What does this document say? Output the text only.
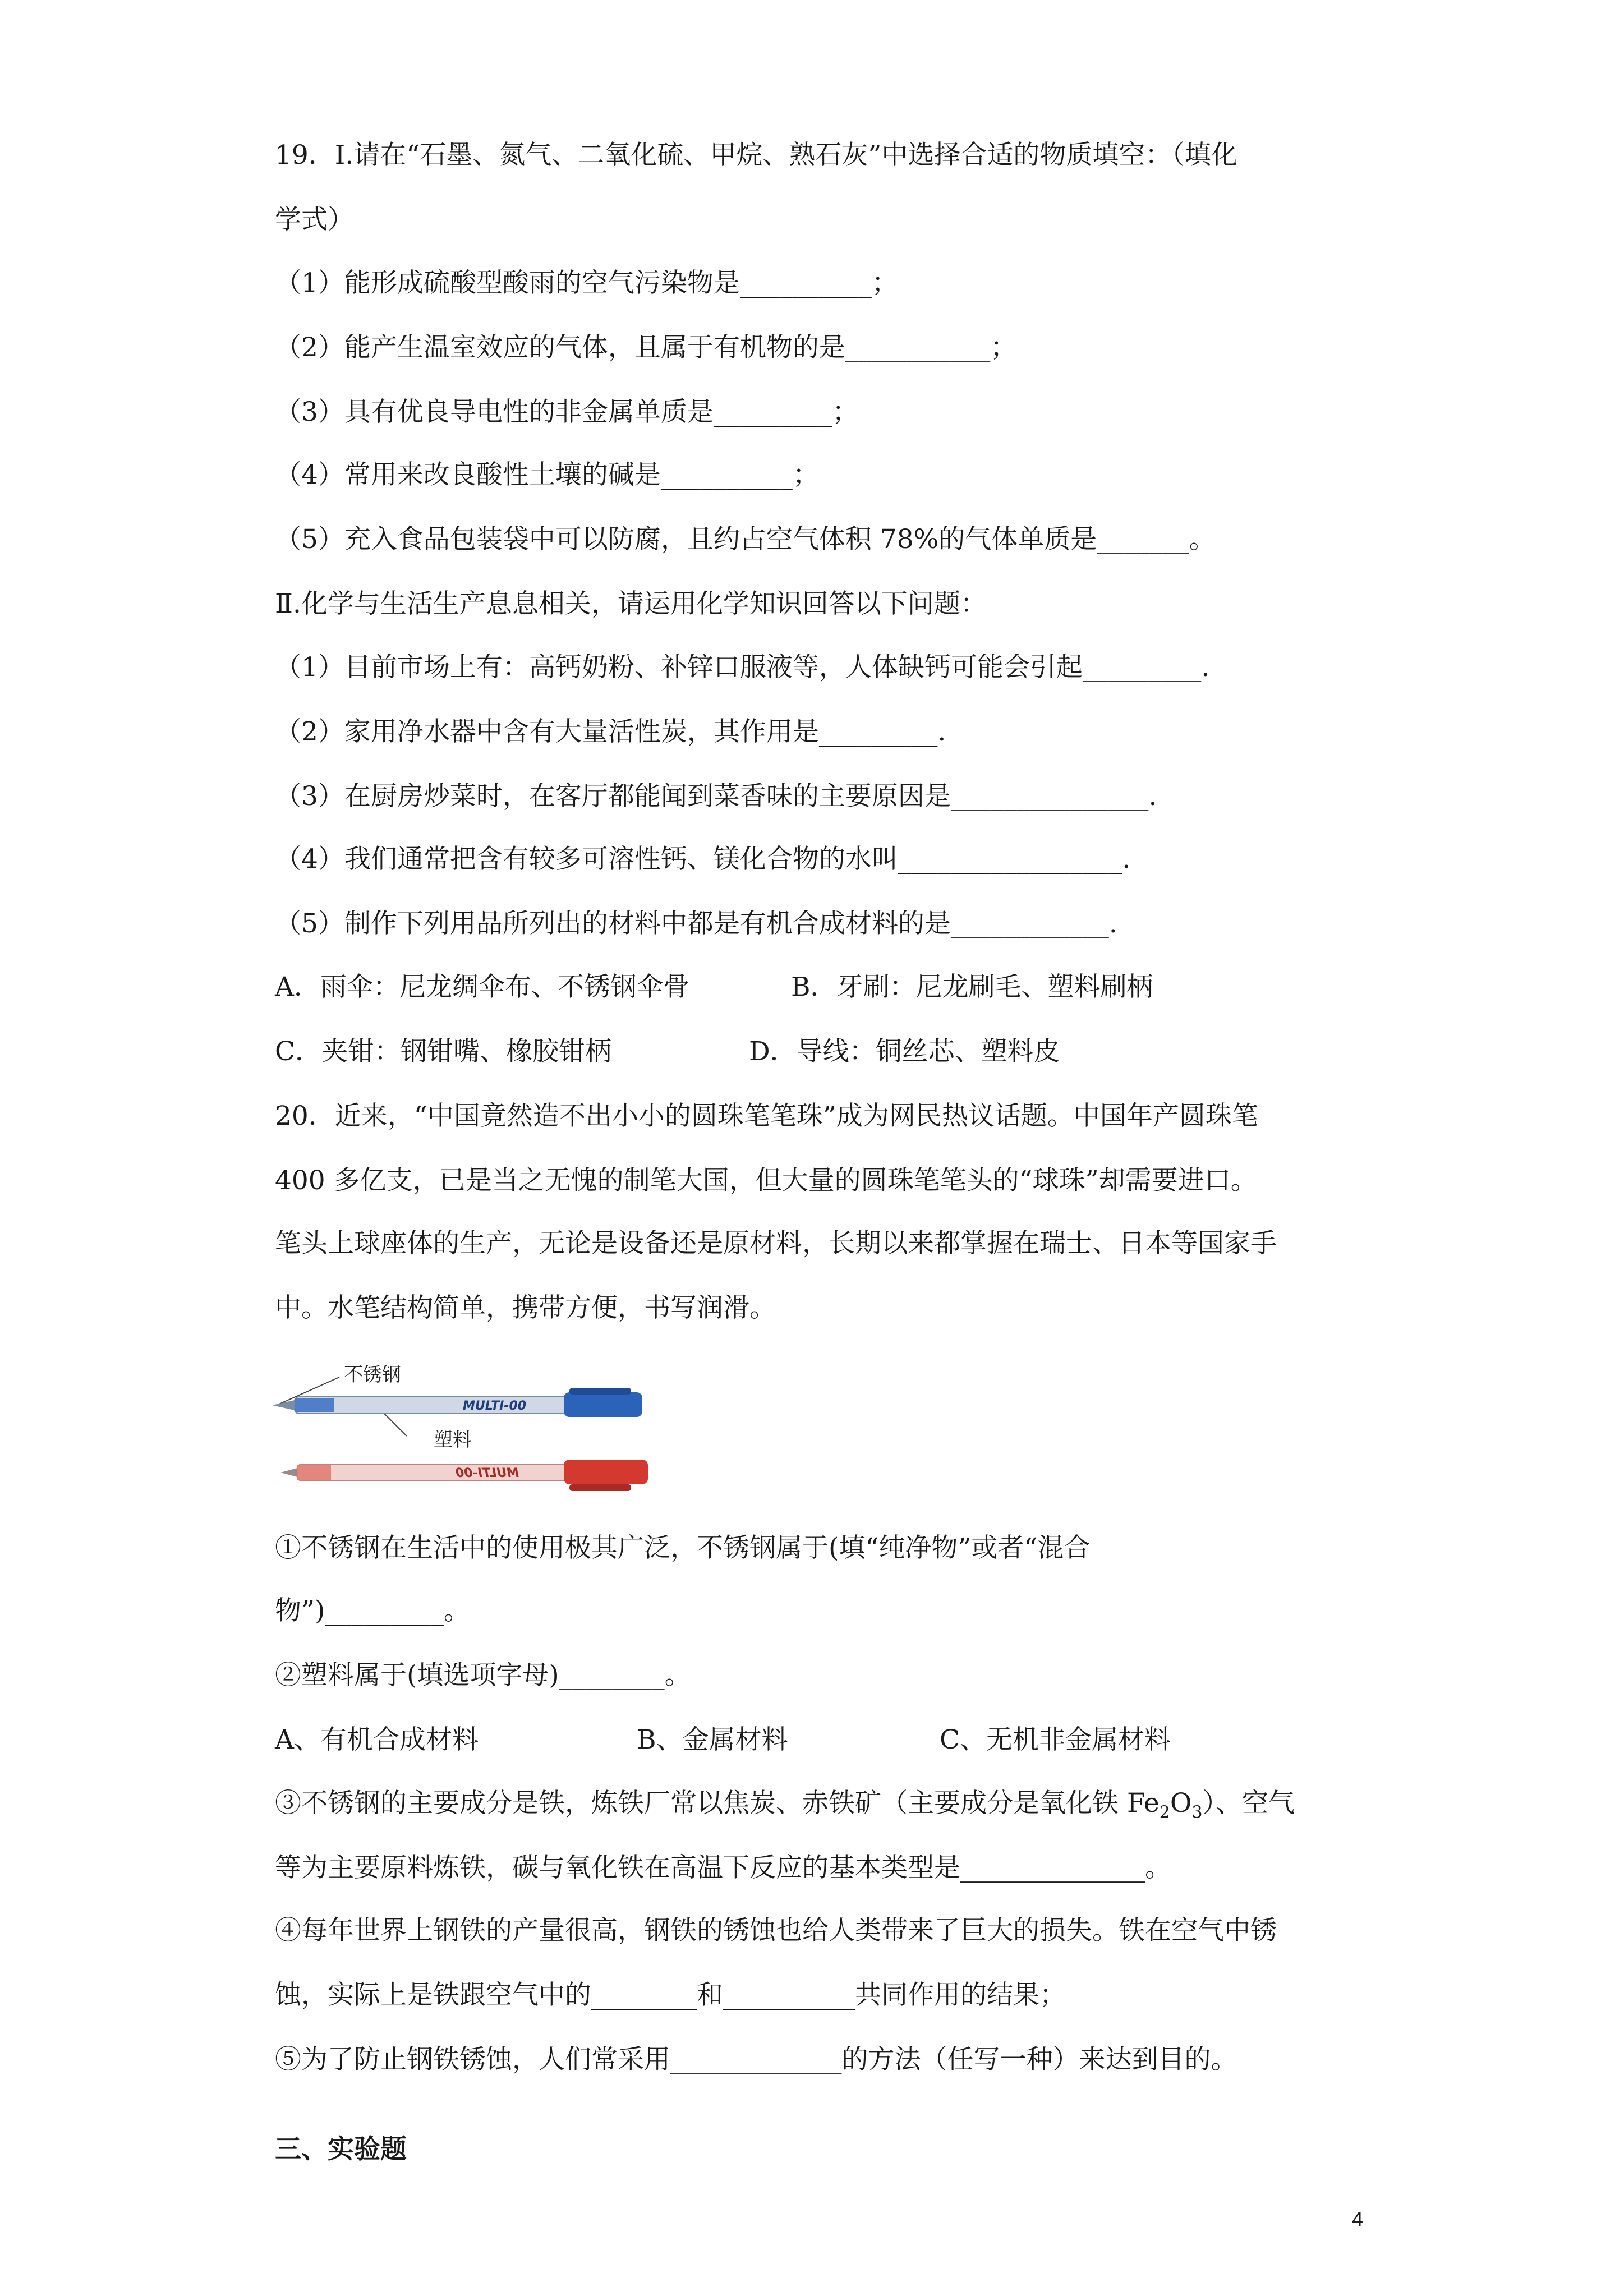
19．Ⅰ.请在“石墨、氮气、二氧化硫、甲烷、熟石灰”中选择合适的物质填空：（填化
学式）
（1）能形成硫酸型酸雨的空气污染物是__________；
（2）能产生温室效应的气体，且属于有机物的是___________；
（3）具有优良导电性的非金属单质是_________；
（4）常用来改良酸性土壤的碱是__________；
（5）充入食品包装袋中可以防腐，且约占空气体积 78%的气体单质是_______。
Ⅱ.化学与生活生产息息相关，请运用化学知识回答以下问题：
（1）目前市场上有：高钙奶粉、补锌口服液等，人体缺钙可能会引起_________.
（2）家用净水器中含有大量活性炭，其作用是_________.
（3）在厨房炒菜时，在客厅都能闻到菜香味的主要原因是_______________.
（4）我们通常把含有较多可溶性钙、镁化合物的水叫_________________.
（5）制作下列用品所列出的材料中都是有机合成材料的是____________.
A．雨伞：尼龙绸伞布、不锈钢伞骨	B．牙刷：尼龙刷毛、塑料刷柄
C．夹钳：钢钳嘴、橡胶钳柄	D．导线：铜丝芯、塑料皮
20．近来，“中国竟然造不出小小的圆珠笔笔珠”成为网民热议话题。中国年产圆珠笔
400 多亿支，已是当之无愧的制笔大国，但大量的圆珠笔笔头的“球珠”却需要进口。
笔头上球座体的生产，无论是设备还是原材料，长期以来都掌握在瑞士、日本等国家手
中。水笔结构简单，携带方便，书写润滑。
不锈钢
塑料
MULTI-00
MULTI-00
①不锈钢在生活中的使用极其广泛，不锈钢属于(填“纯净物”或者“混合
物”)_________。
②塑料属于(填选项字母)________。
A、有机合成材料	B、金属材料	C、无机非金属材料
③不锈钢的主要成分是铁，炼铁厂常以焦炭、赤铁矿（主要成分是氧化铁 $Fe_2O_3$）、空气
等为主要原料炼铁，碳与氧化铁在高温下反应的基本类型是______________。
④每年世界上钢铁的产量很高，钢铁的锈蚀也给人类带来了巨大的损失。铁在空气中锈
蚀，实际上是铁跟空气中的________和__________共同作用的结果；
⑤为了防止钢铁锈蚀，人们常采用_____________的方法（任写一种）来达到目的。
三、实验题
4
